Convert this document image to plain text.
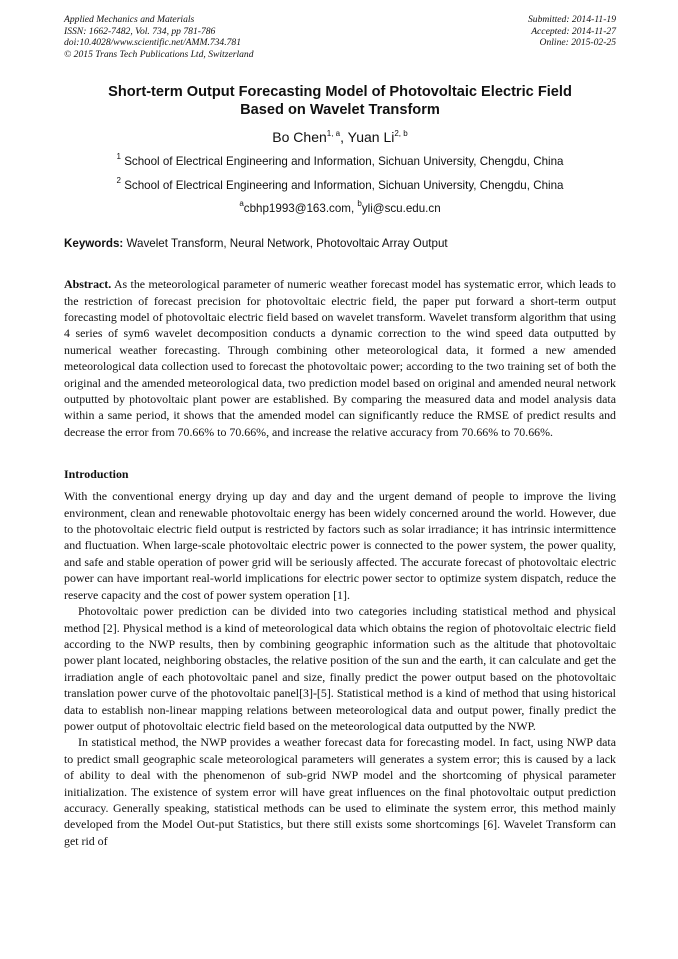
Applied Mechanics and Materials
ISSN: 1662-7482, Vol. 734, pp 781-786
doi:10.4028/www.scientific.net/AMM.734.781
© 2015 Trans Tech Publications Ltd, Switzerland
Submitted: 2014-11-19
Accepted: 2014-11-27
Online: 2015-02-25
Short-term Output Forecasting Model of Photovoltaic Electric Field Based on Wavelet Transform
Bo Chen$^{1, a}$, Yuan Li$^{2, b}$
$^1$ School of Electrical Engineering and Information, Sichuan University, Chengdu, China
$^2$ School of Electrical Engineering and Information, Sichuan University, Chengdu, China
$^a$cbhp1993@163.com, $^b$yli@scu.edu.cn
Keywords: Wavelet Transform, Neural Network, Photovoltaic Array Output
Abstract. As the meteorological parameter of numeric weather forecast model has systematic error, which leads to the restriction of forecast precision for photovoltaic electric field, the paper put forward a short-term output forecasting model of photovoltaic electric field based on wavelet transform. Wavelet transform algorithm that using 4 series of sym6 wavelet decomposition conducts a dynamic correction to the wind speed data outputted by numerical weather forecasting. Through combining other meteorological data, it formed a new amended meteorological data collection used to forecast the photovoltaic power; according to the two training set of both the original and the amended meteorological data, two prediction model based on original and amended neural network outputted by photovoltaic plant power are established. By comparing the measured data and model analysis data within a same period, it shows that the amended model can significantly reduce the RMSE of predict results and decrease the error from 70.66% to 70.66%, and increase the relative accuracy from 70.66% to 70.66%.
Introduction
With the conventional energy drying up day and day and the urgent demand of people to improve the living environment, clean and renewable photovoltaic energy has been widely concerned around the world. However, due to the photovoltaic electric field output is restricted by factors such as solar irradiance; it has intrinsic intermittence and fluctuation. When large-scale photovoltaic electric power is connected to the power system, the power quality, and safe and stable operation of power grid will be seriously affected. The accurate forecast of photovoltaic electric power can have important real-world implications for electric power sector to optimize system dispatch, reduce the reserve capacity and the cost of power system operation [1].
Photovoltaic power prediction can be divided into two categories including statistical method and physical method [2]. Physical method is a kind of meteorological data which obtains the region of photovoltaic electric field according to the NWP results, then by combining geographic information such as the altitude that photovoltaic power plant located, neighboring obstacles, the relative position of the sun and the earth, it can calculate and get the irradiation angle of each photovoltaic panel and size, finally predict the power output based on the photovoltaic translation power curve of the photovoltaic panel[3]-[5]. Statistical method is a kind of method that using historical data to establish non-linear mapping relations between meteorological data and output power, finally predict the power output of photovoltaic electric field based on the meteorological data outputted by the NWP.
In statistical method, the NWP provides a weather forecast data for forecasting model. In fact, using NWP data to predict small geographic scale meteorological parameters will generates a system error; this is caused by a lack of ability to deal with the phenomenon of sub-grid NWP model and the shortcoming of physical parameter initialization. The existence of system error will have great influences on the final photovoltaic output prediction accuracy. Generally speaking, statistical methods can be used to eliminate the system error, this method mainly developed from the Model Out-put Statistics, but there still exists some shortcomings [6]. Wavelet Transform can get rid of
